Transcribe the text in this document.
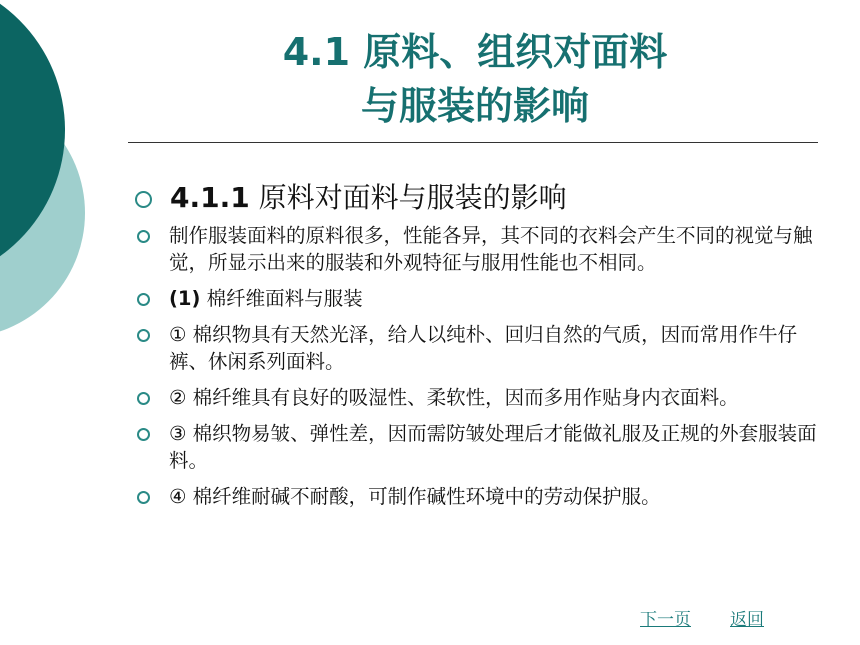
4.1 原料、组织对面料
与服装的影响
4.1.1 原料对面料与服装的影响
制作服装面料的原料很多，性能各异，其不同的衣料会产生不同的视觉与触觉，所显示出来的服装和外观特征与服用性能也不相同。
(1) 棉纤维面料与服装
① 棉织物具有天然光泽，给人以纯朴、回归自然的气质，因而常用作牛仔裤、休闲系列面料。
② 棉纤维具有良好的吸湿性、柔软性，因而多用作贴身内衣面料。
③ 棉织物易皱、弹性差，因而需防皱处理后才能做礼服及正规的外套服装面料。
④ 棉纤维耐碱不耐酸，可制作碱性环境中的劳动保护服。
下一页 返回
